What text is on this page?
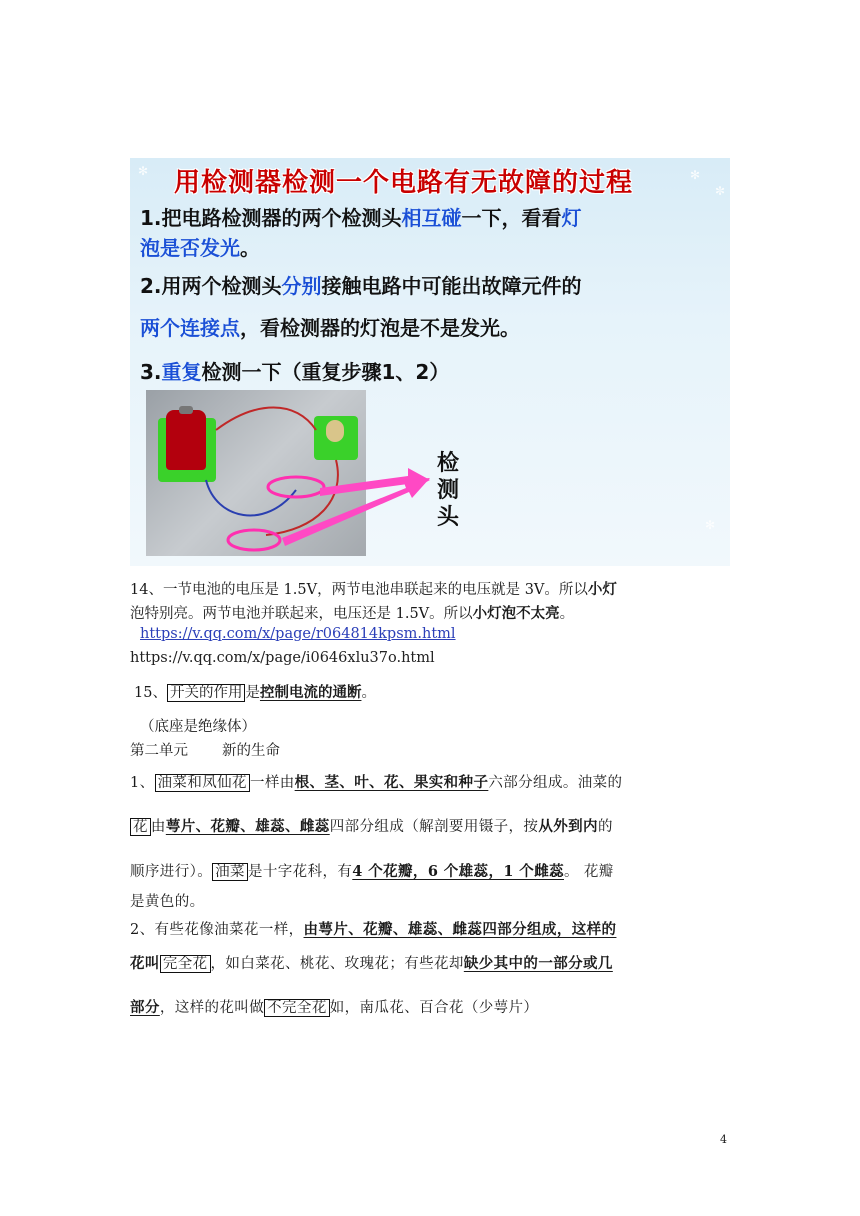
✻	✻
✼
✻
用检测器检测一个电路有无故障的过程
1.把电路检测器的两个检测头相互碰一下，看看灯
泡是否发光。
2.用两个检测头分别接触电路中可能出故障元件的
两个连接点，看检测器的灯泡是不是发光。
3.重复检测一下（重复步骤1、2）
检
测
头
14、一节电池的电压是 1.5V，两节电池串联起来的电压就是 3V。所以小灯
泡特别亮。两节电池并联起来，电压还是 1.5V。所以小灯泡不太亮。
https://v.qq.com/x/page/r064814kpsm.html
https://v.qq.com/x/page/i0646xlu37o.html
15、 开关的作用 是控制电流的通断。
（底座是绝缘体）
第二单元 新的生命
1、 油菜和凤仙花 一样由根、茎、叶、花、果实和种子六部分组成。油菜的
花 由萼片、花瓣、雄蕊、雌蕊四部分组成（解剖要用镊子，按从外到内的
顺序进行）。 油菜 是十字花科，有4 个花瓣，6 个雄蕊，1 个雌蕊。 花瓣
是黄色的。
2、有些花像油菜花一样，由萼片、花瓣、雄蕊、雌蕊四部分组成，这样的
花叫 完全花 ，如白菜花、桃花、玫瑰花；有些花却缺少其中的一部分或几
部分，这样的花叫做 不完全花 如，南瓜花、百合花（少萼片）
4
